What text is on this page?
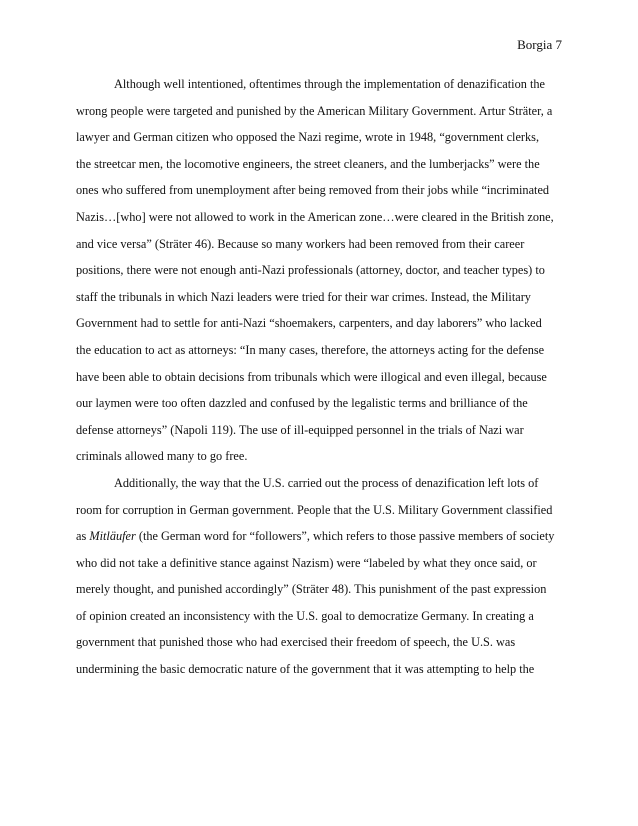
Borgia 7

Although well intentioned, oftentimes through the implementation of denazification the
wrong people were targeted and punished by the American Military Government. Artur Sträter, a
lawyer and German citizen who opposed the Nazi regime, wrote in 1948, “government clerks,
the streetcar men, the locomotive engineers, the street cleaners, and the lumberjacks” were the
ones who suffered from unemployment after being removed from their jobs while “incriminated
Nazis…[who] were not allowed to work in the American zone…were cleared in the British zone,
and vice versa” (Sträter 46). Because so many workers had been removed from their career
positions, there were not enough anti-Nazi professionals (attorney, doctor, and teacher types) to
staff the tribunals in which Nazi leaders were tried for their war crimes. Instead, the Military
Government had to settle for anti-Nazi “shoemakers, carpenters, and day laborers” who lacked
the education to act as attorneys: “In many cases, therefore, the attorneys acting for the defense
have been able to obtain decisions from tribunals which were illogical and even illegal, because
our laymen were too often dazzled and confused by the legalistic terms and brilliance of the
defense attorneys” (Napoli 119). The use of ill-equipped personnel in the trials of Nazi war
criminals allowed many to go free.

Additionally, the way that the U.S. carried out the process of denazification left lots of
room for corruption in German government. People that the U.S. Military Government classified
as Mitläufer (the German word for “followers”, which refers to those passive members of society
who did not take a definitive stance against Nazism) were “labeled by what they once said, or
merely thought, and punished accordingly” (Sträter 48). This punishment of the past expression
of opinion created an inconsistency with the U.S. goal to democratize Germany. In creating a
government that punished those who had exercised their freedom of speech, the U.S. was
undermining the basic democratic nature of the government that it was attempting to help the
